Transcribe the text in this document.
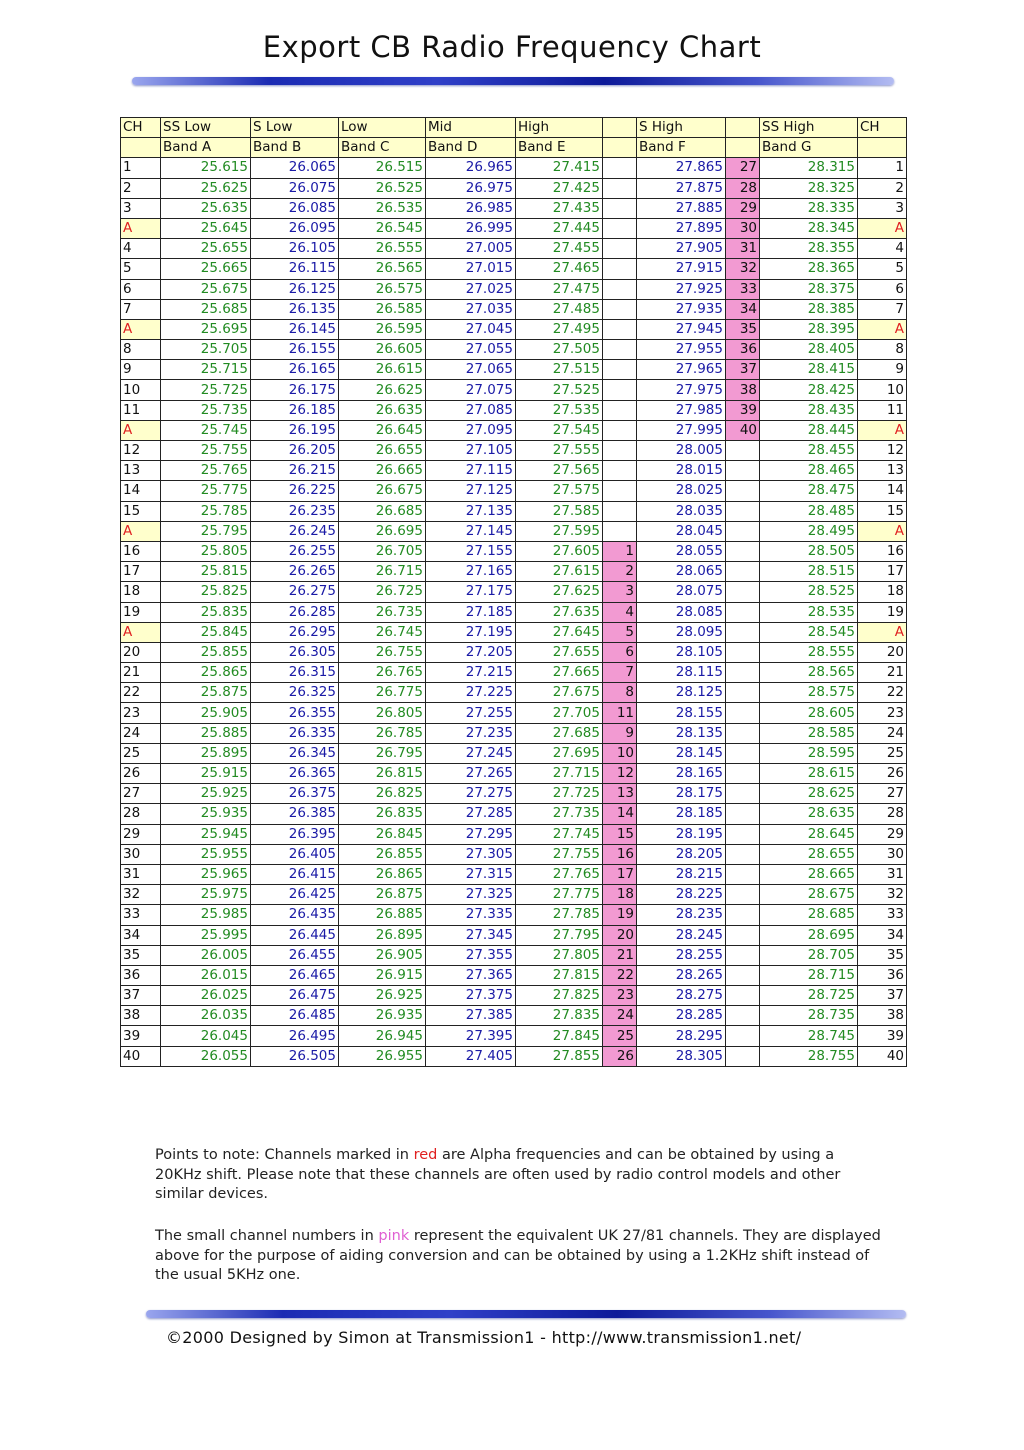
Export CB Radio Frequency Chart
CH	SS Low	S Low	Low	Mid	High		S High		SS High	CH
	Band A	Band B	Band C	Band D	Band E		Band F		Band G	
1	25.615	26.065	26.515	26.965	27.415		27.865	27	28.315	1
2	25.625	26.075	26.525	26.975	27.425		27.875	28	28.325	2
3	25.635	26.085	26.535	26.985	27.435		27.885	29	28.335	3
A	25.645	26.095	26.545	26.995	27.445		27.895	30	28.345	A
4	25.655	26.105	26.555	27.005	27.455		27.905	31	28.355	4
5	25.665	26.115	26.565	27.015	27.465		27.915	32	28.365	5
6	25.675	26.125	26.575	27.025	27.475		27.925	33	28.375	6
7	25.685	26.135	26.585	27.035	27.485		27.935	34	28.385	7
A	25.695	26.145	26.595	27.045	27.495		27.945	35	28.395	A
8	25.705	26.155	26.605	27.055	27.505		27.955	36	28.405	8
9	25.715	26.165	26.615	27.065	27.515		27.965	37	28.415	9
10	25.725	26.175	26.625	27.075	27.525		27.975	38	28.425	10
11	25.735	26.185	26.635	27.085	27.535		27.985	39	28.435	11
A	25.745	26.195	26.645	27.095	27.545		27.995	40	28.445	A
12	25.755	26.205	26.655	27.105	27.555		28.005		28.455	12
13	25.765	26.215	26.665	27.115	27.565		28.015		28.465	13
14	25.775	26.225	26.675	27.125	27.575		28.025		28.475	14
15	25.785	26.235	26.685	27.135	27.585		28.035		28.485	15
A	25.795	26.245	26.695	27.145	27.595		28.045		28.495	A
16	25.805	26.255	26.705	27.155	27.605	1	28.055		28.505	16
17	25.815	26.265	26.715	27.165	27.615	2	28.065		28.515	17
18	25.825	26.275	26.725	27.175	27.625	3	28.075		28.525	18
19	25.835	26.285	26.735	27.185	27.635	4	28.085		28.535	19
A	25.845	26.295	26.745	27.195	27.645	5	28.095		28.545	A
20	25.855	26.305	26.755	27.205	27.655	6	28.105		28.555	20
21	25.865	26.315	26.765	27.215	27.665	7	28.115		28.565	21
22	25.875	26.325	26.775	27.225	27.675	8	28.125		28.575	22
23	25.905	26.355	26.805	27.255	27.705	11	28.155		28.605	23
24	25.885	26.335	26.785	27.235	27.685	9	28.135		28.585	24
25	25.895	26.345	26.795	27.245	27.695	10	28.145		28.595	25
26	25.915	26.365	26.815	27.265	27.715	12	28.165		28.615	26
27	25.925	26.375	26.825	27.275	27.725	13	28.175		28.625	27
28	25.935	26.385	26.835	27.285	27.735	14	28.185		28.635	28
29	25.945	26.395	26.845	27.295	27.745	15	28.195		28.645	29
30	25.955	26.405	26.855	27.305	27.755	16	28.205		28.655	30
31	25.965	26.415	26.865	27.315	27.765	17	28.215		28.665	31
32	25.975	26.425	26.875	27.325	27.775	18	28.225		28.675	32
33	25.985	26.435	26.885	27.335	27.785	19	28.235		28.685	33
34	25.995	26.445	26.895	27.345	27.795	20	28.245		28.695	34
35	26.005	26.455	26.905	27.355	27.805	21	28.255		28.705	35
36	26.015	26.465	26.915	27.365	27.815	22	28.265		28.715	36
37	26.025	26.475	26.925	27.375	27.825	23	28.275		28.725	37
38	26.035	26.485	26.935	27.385	27.835	24	28.285		28.735	38
39	26.045	26.495	26.945	27.395	27.845	25	28.295		28.745	39
40	26.055	26.505	26.955	27.405	27.855	26	28.305		28.755	40
Points to note: Channels marked in red are Alpha frequencies and can be obtained by using a 20KHz shift. Please note that these channels are often used by radio control models and other similar devices.
The small channel numbers in pink represent the equivalent UK 27/81 channels. They are displayed above for the purpose of aiding conversion and can be obtained by using a 1.2KHz shift instead of the usual 5KHz one.
©2000 Designed by Simon at Transmission1 - http://www.transmission1.net/
